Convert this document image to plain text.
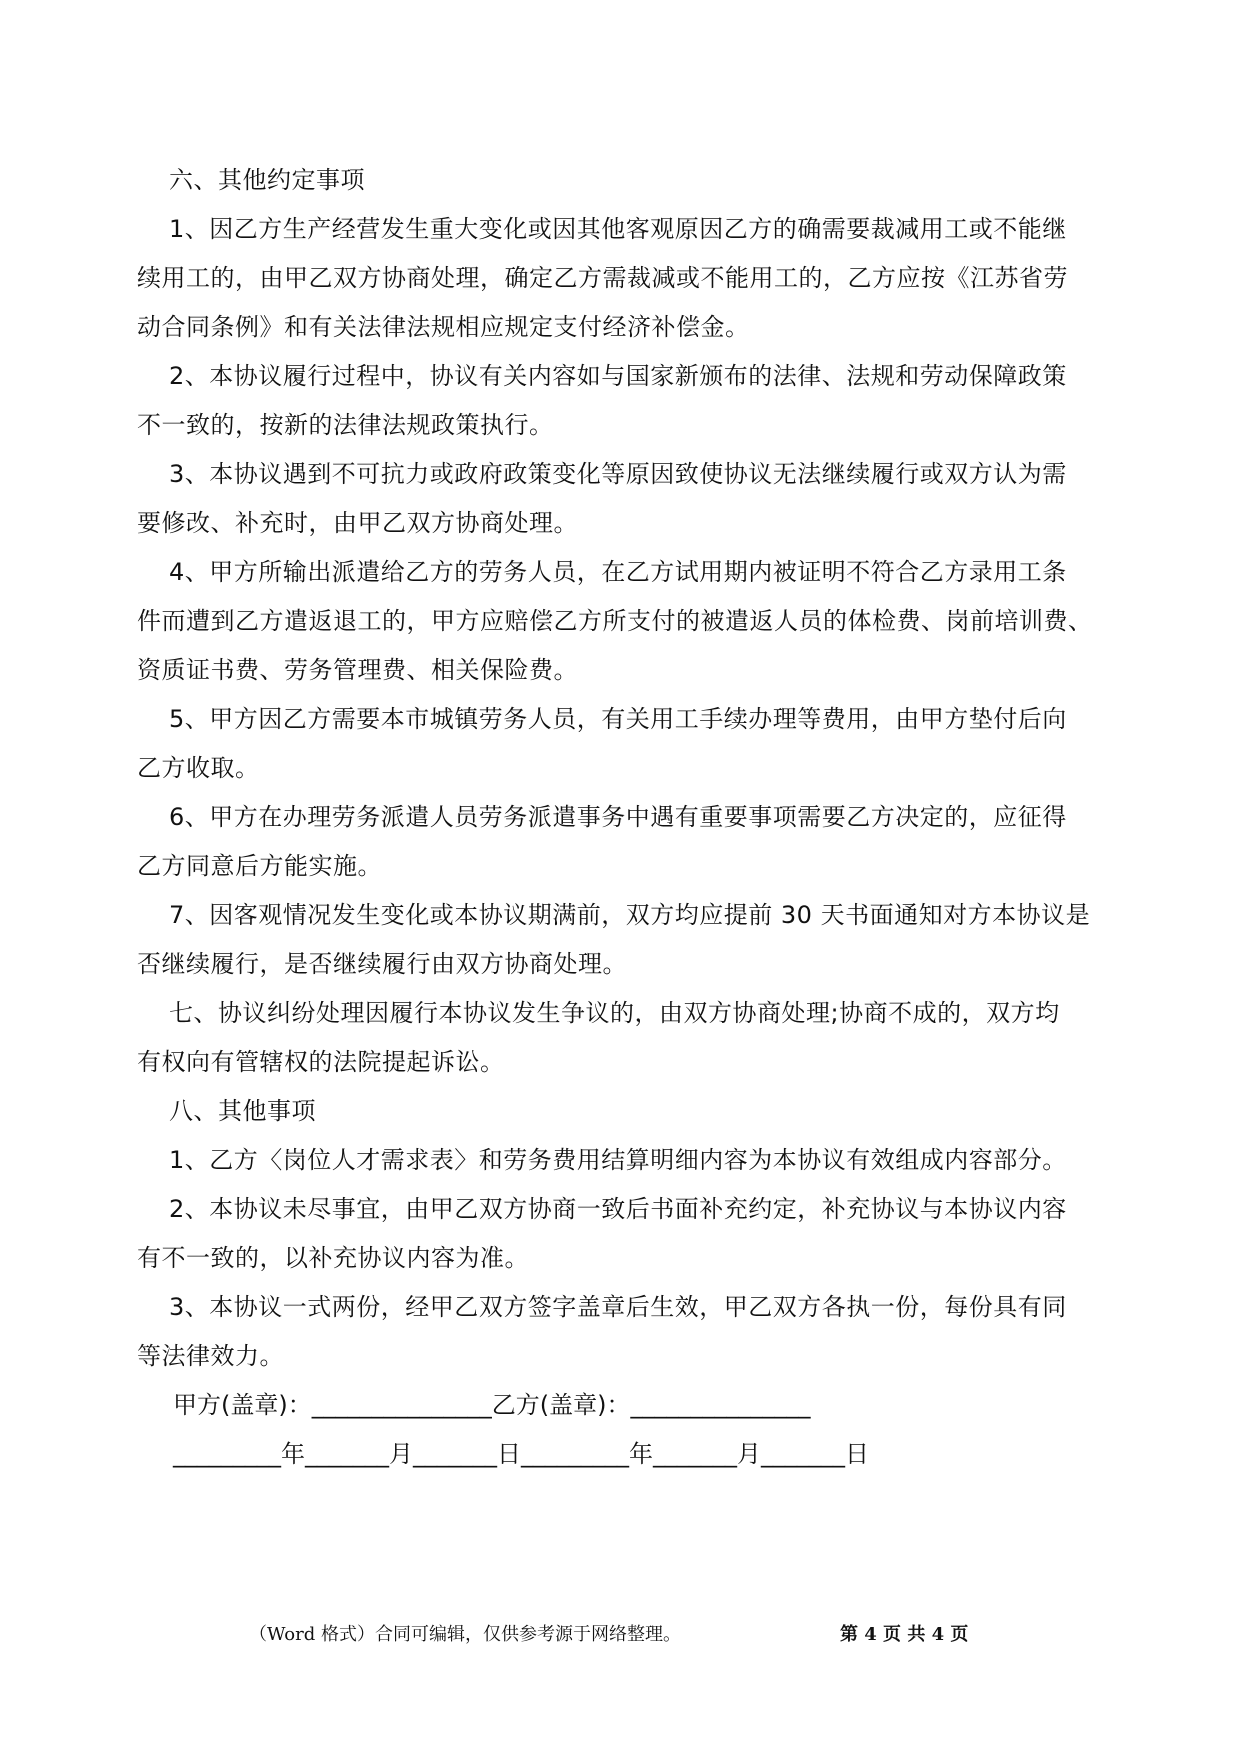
六、其他约定事项
1、因乙方生产经营发生重大变化或因其他客观原因乙方的确需要裁减用工或不能继
续用工的，由甲乙双方协商处理，确定乙方需裁减或不能用工的，乙方应按《江苏省劳
动合同条例》和有关法律法规相应规定支付经济补偿金。
2、本协议履行过程中，协议有关内容如与国家新颁布的法律、法规和劳动保障政策
不一致的，按新的法律法规政策执行。
3、本协议遇到不可抗力或政府政策变化等原因致使协议无法继续履行或双方认为需
要修改、补充时，由甲乙双方协商处理。
4、甲方所输出派遣给乙方的劳务人员，在乙方试用期内被证明不符合乙方录用工条
件而遭到乙方遣返退工的，甲方应赔偿乙方所支付的被遣返人员的体检费、岗前培训费、
资质证书费、劳务管理费、相关保险费。
5、甲方因乙方需要本市城镇劳务人员，有关用工手续办理等费用，由甲方垫付后向
乙方收取。
6、甲方在办理劳务派遣人员劳务派遣事务中遇有重要事项需要乙方决定的，应征得
乙方同意后方能实施。
7、因客观情况发生变化或本协议期满前，双方均应提前 30 天书面通知对方本协议是
否继续履行，是否继续履行由双方协商处理。
七、协议纠纷处理因履行本协议发生争议的，由双方协商处理;协商不成的，双方均
有权向有管辖权的法院提起诉讼。
八、其他事项
1、乙方〈岗位人才需求表〉和劳务费用结算明细内容为本协议有效组成内容部分。
2、本协议未尽事宜，由甲乙双方协商一致后书面补充约定，补充协议与本协议内容
有不一致的，以补充协议内容为准。
3、本协议一式两份，经甲乙双方签字盖章后生效，甲乙双方各执一份，每份具有同
等法律效力。
甲方(盖章)：_______________乙方(盖章)：_______________
_________年_______月_______日_________年_______月_______日
（Word 格式）合同可编辑，仅供参考源于网络整理。	第 4 页 共 4 页
